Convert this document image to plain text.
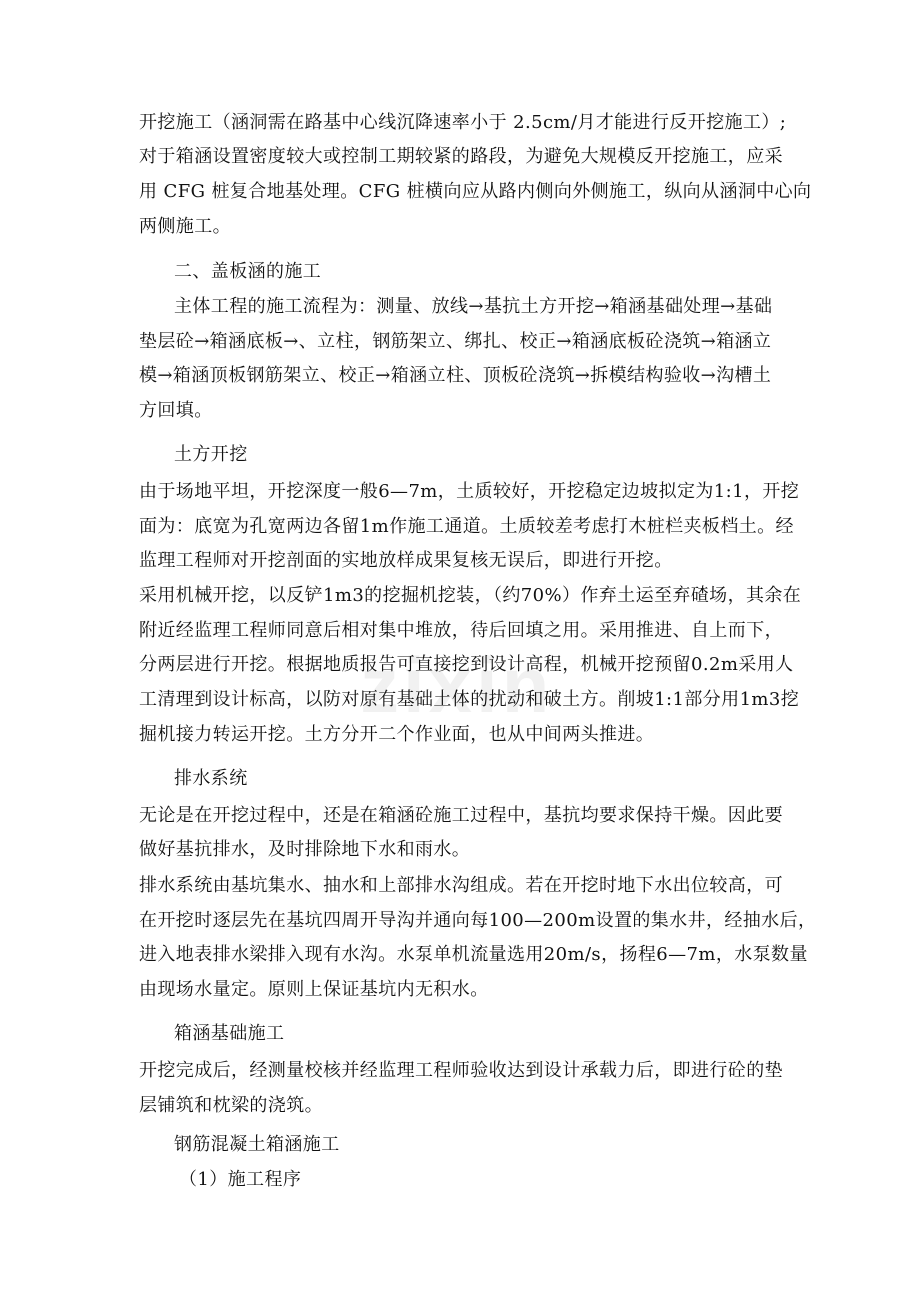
zixin
开挖施工（涵洞需在路基中心线沉降速率小于 2.5cm/月才能进行反开挖施工）;
对于箱涵设置密度较大或控制工期较紧的路段，为避免大规模反开挖施工，应采
用 CFG 桩复合地基处理。CFG 桩横向应从路内侧向外侧施工，纵向从涵洞中心向
两侧施工。
二、盖板涵的施工
主体工程的施工流程为：测量、放线→基抗土方开挖→箱涵基础处理→基础
垫层砼→箱涵底板→、立柱，钢筋架立、绑扎、校正→箱涵底板砼浇筑→箱涵立
模→箱涵顶板钢筋架立、校正→箱涵立柱、顶板砼浇筑→拆模结构验收→沟槽土
方回填。
土方开挖
由于场地平坦，开挖深度一般6—7m，土质较好，开挖稳定边坡拟定为1:1，开挖
面为：底宽为孔宽两边各留1m作施工通道。土质较差考虑打木桩栏夹板档土。经
监理工程师对开挖剖面的实地放样成果复核无误后，即进行开挖。
采用机械开挖，以反铲1m3的挖掘机挖装，（约70%）作弃土运至弃碴场，其余在
附近经监理工程师同意后相对集中堆放，待后回填之用。采用推进、自上而下，
分两层进行开挖。根据地质报告可直接挖到设计高程，机械开挖预留0.2m采用人
工清理到设计标高，以防对原有基础土体的扰动和破土方。削坡1:1部分用1m3挖
掘机接力转运开挖。土方分开二个作业面，也从中间两头推进。
排水系统
无论是在开挖过程中，还是在箱涵砼施工过程中，基抗均要求保持干燥。因此要
做好基抗排水，及时排除地下水和雨水。
排水系统由基坑集水、抽水和上部排水沟组成。若在开挖时地下水出位较高，可
在开挖时逐层先在基坑四周开导沟并通向每100—200m设置的集水井，经抽水后，
进入地表排水梁排入现有水沟。水泵单机流量选用20m/s，扬程6—7m，水泵数量
由现场水量定。原则上保证基坑内无积水。
箱涵基础施工
开挖完成后，经测量校核并经监理工程师验收达到设计承载力后，即进行砼的垫
层铺筑和枕梁的浇筑。
钢筋混凝土箱涵施工
（1）施工程序
